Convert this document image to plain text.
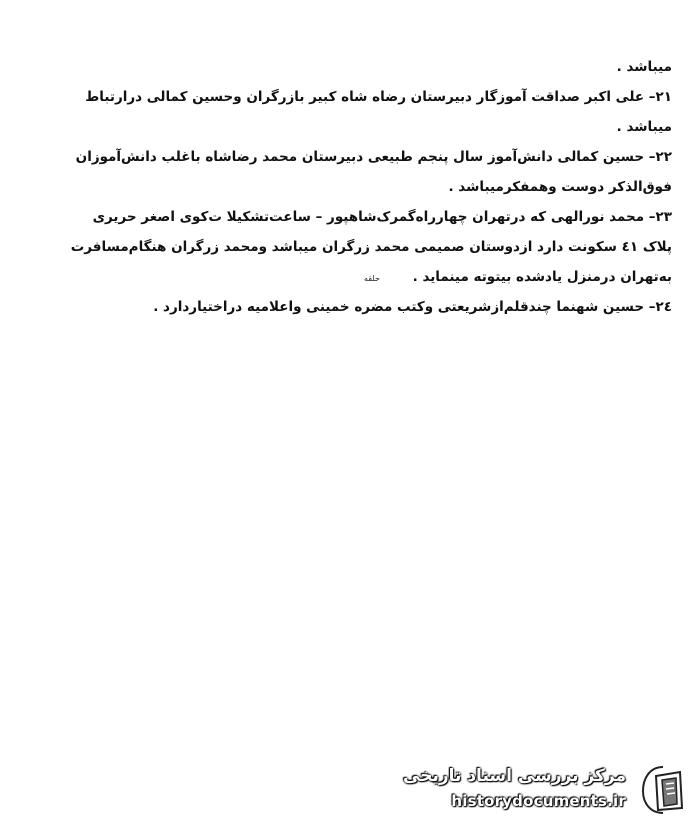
میباشد .
۲۱– علی اکبر صداقت آموزگار دبیرستان رضاه شاه کبیر بازرگران وحسین کمالی درارتباط
میباشد .
۲۲– حسین کمالی دانش‌آموز سال پنجم طبیعی دبیرستان محمد رضاشاه باغلب دانش‌آموزان
فوق‌الذکر دوست وهمفکرمیباشد .
۲۳– محمد نورالهی که درتهران چهارراه‌گمرک‌شاهپور – ساعت‌تشکیلا ت‌کوی اصغر حریری
پلاک ٤١ سکونت دارد ازدوستان صمیمی محمد زرگران میباشد ومحمد زرگران هنگام‌مسافرت
به‌تهران درمنزل یادشده بیتوته مینماید .
۲٤– حسین شهنما چندقلم‌ازشریعتی وکتب مضره خمینی واعلامیه دراختیاردارد .
حلقه
مرکز بررسی اسناد تاریخی
historydocuments.ir
